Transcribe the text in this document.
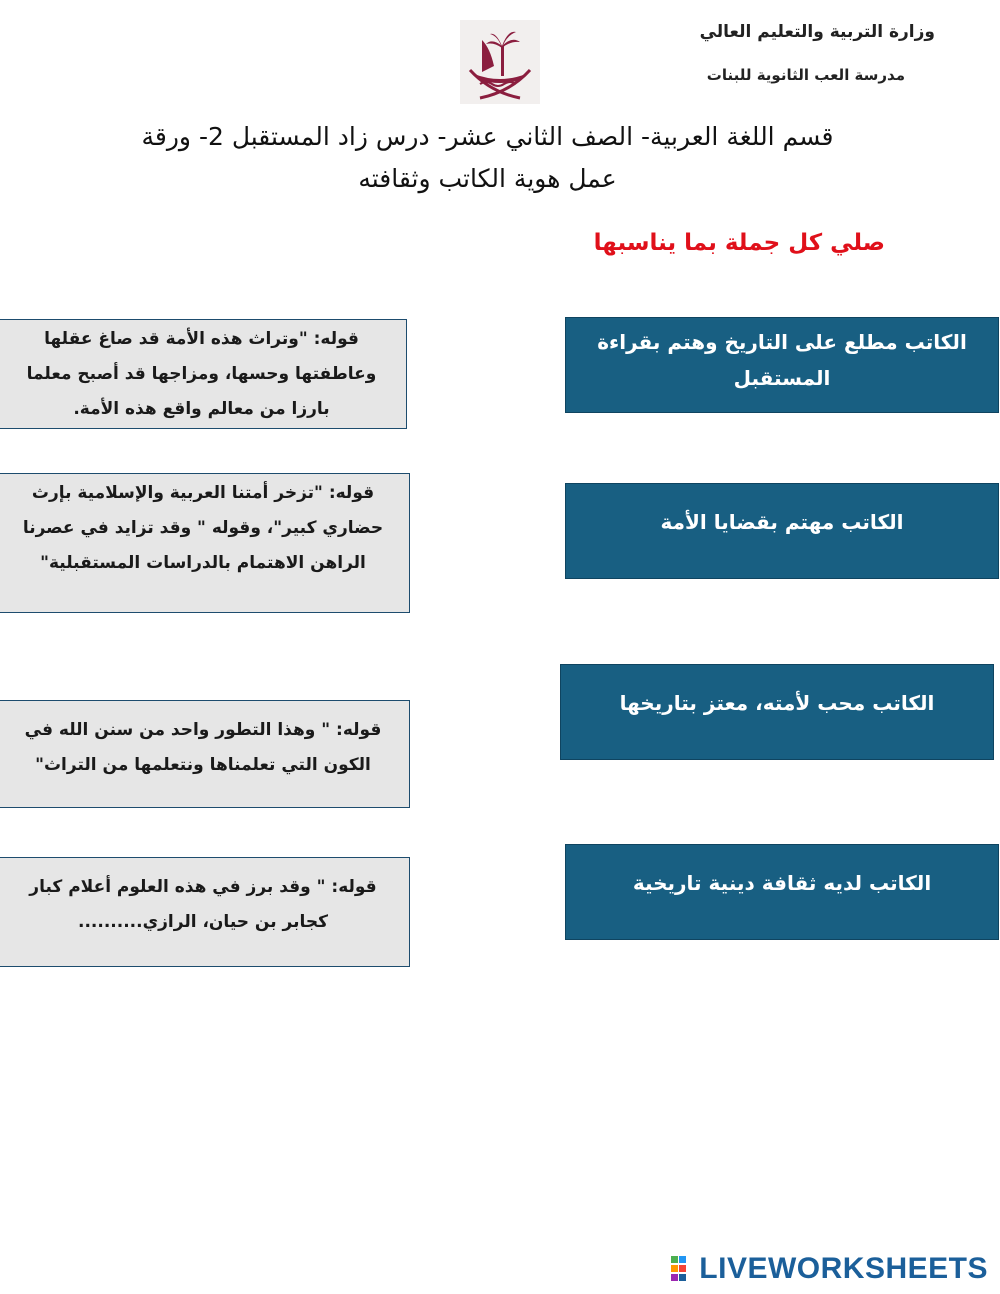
وزارة التربية والتعليم العالي
مدرسة العب الثانوية للبنات
قسم اللغة العربية- الصف الثاني عشر- درس زاد المستقبل 2- ورقة
عمل هوية الكاتب وثقافته
صلي كل جملة بما يناسبها
قوله: "وتراث هذه الأمة قد صاغ عقلها وعاطفتها وحسها، ومزاجها قد أصبح معلما بارزا من معالم واقع هذه الأمة.
قوله: "تزخر أمتنا العربية والإسلامية بإرث حضاري كبير"، وقوله " وقد تزايد في عصرنا الراهن الاهتمام بالدراسات المستقبلية"
قوله: " وهذا التطور واحد من سنن الله في الكون التي تعلمناها ونتعلمها من التراث"
قوله: " وقد برز في هذه العلوم أعلام كبار كجابر بن حيان، الرازي..........
الكاتب مطلع على التاريخ وهتم بقراءة المستقبل
الكاتب مهتم بقضايا الأمة
الكاتب محب لأمته، معتز بتاريخها
الكاتب لديه ثقافة دينية تاريخية
LIVEWORKSHEETS
